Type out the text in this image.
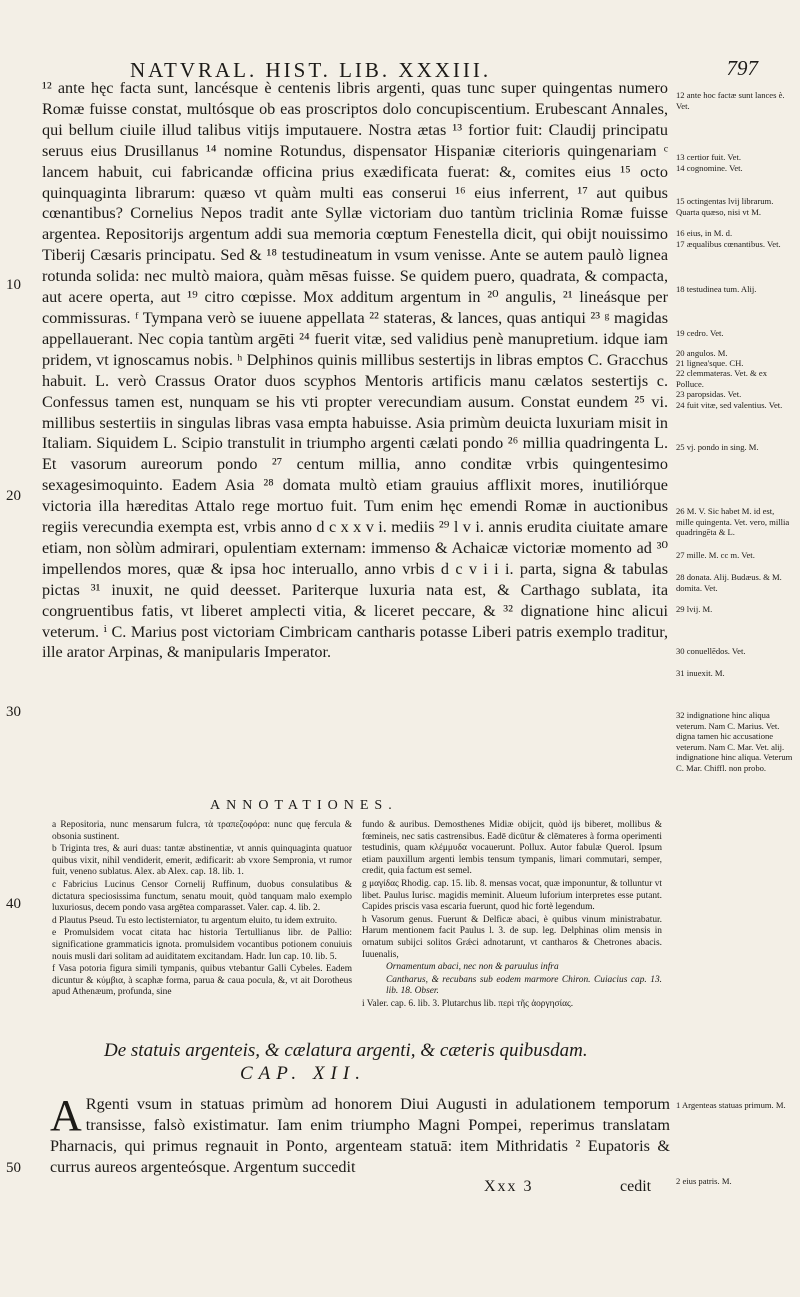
NATVRAL. HIST. LIB. XXXIII.	797
10
20
30
40
50

¹² ante hęc facta sunt, lancésque è centenis libris argenti, quas tunc super quingentas numero Romæ fuisse constat, multósque ob eas proscriptos dolo concupiscentium. Erubescant Annales, qui bellum ciuile illud talibus vitijs imputauere. Nostra ætas ¹³ fortior fuit: Claudij principatu seruus eius Drusillanus ¹⁴ nomine Rotundus, dispensator Hispaniæ citerioris quingenariam ᶜ lancem habuit, cui fabricandæ officina prius exædificata fuerat: &, comites eius ¹⁵ octo quinquaginta librarum: quæso vt quàm multi eas conserui ¹⁶ eius inferrent, ¹⁷ aut quibus cœnantibus? Cornelius Nepos tradit ante Syllæ victoriam duo tantùm triclinia Romæ fuisse argentea. Repositorijs argentum addi sua memoria cœptum Fenestella dicit, qui obijt nouissimo Tiberij Cæsaris principatu. Sed & ¹⁸ testudineatum in vsum venisse. Ante se autem paulò lignea rotunda solida: nec multò maiora, quàm mēsas fuisse. Se quidem puero, quadrata, & compacta, aut acere operta, aut ¹⁹ citro cœpisse. Mox additum argentum in ²⁰ angulis, ²¹ lineásque per commissuras. ᶠ Tympana verò se iuuene appellata ²² stateras, & lances, quas antiqui ²³ ᵍ magidas appellauerant. Nec copia tantùm argēti ²⁴ fuerit vitæ, sed validius penè manupretium. idque iam pridem, vt ignoscamus nobis. ʰ Delphinos quinis millibus sestertijs in libras emptos C. Gracchus habuit. L. verò Crassus Orator duos scyphos Mentoris artificis manu cælatos sestertijs c. Confessus tamen est, nunquam se his vti propter verecundiam ausum. Constat eundem ²⁵ vi. millibus sestertiis in singulas libras vasa empta habuisse. Asia primùm deuicta luxuriam misit in Italiam. Siquidem L. Scipio transtulit in triumpho argenti cælati pondo ²⁶ millia quadringenta L. Et vasorum aureorum pondo ²⁷ centum millia, anno conditæ vrbis quingentesimo sexagesimoquinto. Eadem Asia ²⁸ domata multò etiam grauius afflixit mores, inutiliórque victoria illa hæreditas Attalo rege mortuo fuit. Tum enim hęc emendi Romæ in auctionibus regiis verecundia exempta est, vrbis anno d c x x v i. mediis ²⁹ l v i. annis erudita ciuitate amare etiam, non sòlùm admirari, opulentiam externam: immenso & Achaicæ victoriæ momento ad ³⁰ impellendos mores, quæ & ipsa hoc interuallo, anno vrbis d c v i i i. parta, signa & tabulas pictas ³¹ inuxit, ne quid deesset. Pariterque luxuria nata est, & Carthago sublata, ita congruentibus fatis, vt liberet amplecti vitia, & liceret peccare, & ³² dignatione hinc alicui veterum. ⁱ C. Marius post victoriam Cimbricam cantharis potasse Liberi patris exemplo traditur, ille arator Arpinas, & manipularis Imperator.

12 ante hoc factæ sunt lances è. Vet.
13 certior fuit. Vet.
14 cognomine. Vet.
15 octingentas lvij librarum. Quarta quæso, nisi vt M.
16 eius, in M. d.
17 æqualibus cœnantibus. Vet.
18 testudinea tum. Alij.
19 cedro. Vet.
20 angulos. M.
21 lignea'sque. CH.
22 clemmateras. Vet. & ex Polluce.
23 paropsidas. Vet.
24 fuit vitæ, sed valentius. Vet.
25 vj. pondo in sing. M.
26 M. V. Sic habet M. id est, mille quingenta. Vet. vero, millia quadringēta & L.
27 mille. M. cc m. Vet.
28 donata. Alij. Budæus. & M. domita. Vet.
29 lvij. M.
30 conuellēdos. Vet.
31 inuexit. M.
32 indignatione hinc aliqua veterum. Nam C. Marius. Vet. digna tamen hic accusatione veterum. Nam C. Mar. Vet. alij. indignatione hinc aliqua. Veterum C. Mar. Chiffl. non probo.
ANNOTATIONES.

a Repositoria, nunc mensarum fulcra, τὰ τραπεζοφόρα: nunc quę fercula & obsonia sustinent.

b Triginta tres, & auri duas: tantæ abstinentiæ, vt annis quinquaginta quatuor quibus vixit, nihil vendiderit, emerit, ædificarit: ab vxore Sempronia, vt rumor fuit, veneno sublatus. Alex. ab Alex. cap. 18. lib. 1.

c Fabricius Lucinus Censor Cornelij Ruffinum, duobus consulatibus & dictatura speciosissima functum, senatu mouit, quòd tanquam malo exemplo luxuriosus, decem pondo vasa argētea comparasset. Valer. cap. 4. lib. 2.

d Plautus Pseud. Tu esto lectisterniator, tu argentum eluito, tu idem extruito.

e Promulsidem vocat citata hac historia Tertullianus libr. de Pallio: significatione grammaticis ignota. promulsidem vocantibus potionem conuiuis nouis musli dari solitam ad auiditatem excitandam. Hadr. Iun cap. 10. lib. 5.

f Vasa potoria figura simili tympanis, quibus vtebantur Galli Cybeles. Eadem dicuntur & κύμβια, à scaphæ forma, parua & caua pocula, &, vt ait Dorotheus apud Athenæum, profunda, sine

fundo & auribus. Demosthenes Midiæ obijcit, quòd ijs biberet, mollibus & fœmineis, nec satis castrensibus. Eadē dicūtur & clēmateres à forma operimenti testudinis, quam κλέμμυδα vocauerunt. Pollux. Autor fabulæ Querol. Ipsum etiam pauxillum argenti lembis tensum tympanis, limari commutari, semper, credit, quia factum est semel.

g μαγίδας Rhodig. cap. 15. lib. 8. mensas vocat, quæ imponuntur, & tolluntur vt libet. Paulus Iurisc. magidis meminit. Alueum luforium interpretes esse putant. Capides priscis vasa escaria fuerunt, quod hic fortè legendum.

h Vasorum genus. Fuerunt & Delficæ abaci, è quibus vinum ministrabatur. Harum mentionem facit Paulus l. 3. de sup. leg. Delphinas olim mensis in ornatum subijci solitos Grǽci adnotarunt, vt cantharos & Chetrones abacis. Iuuenalis,

Ornamentum abaci, nec non & paruulus infra

Cantharus, & recubans sub eodem marmore Chiron. Cuiacius cap. 13. lib. 18. Obser.

i Valer. cap. 6. lib. 3. Plutarchus lib. περὶ τῆς ἀοργησίας.

De statuis argenteis, & cælatura argenti, & cæteris quibusdam.
CAP. XII.
A Rgenti vsum in statuas primùm ad honorem Diui Augusti in adulationem temporum transisse, falsò existimatur. Iam enim triumpho Magni Pompei, reperimus translatam Pharnacis, qui primus regnauit in Ponto, argenteam statuā: item Mithridatis ² Eupatoris & currus aureos argenteósque. Argentum succedit
Xxx 3	cedit
1 Argenteas statuas primum. M.
2 eius patris. M.
